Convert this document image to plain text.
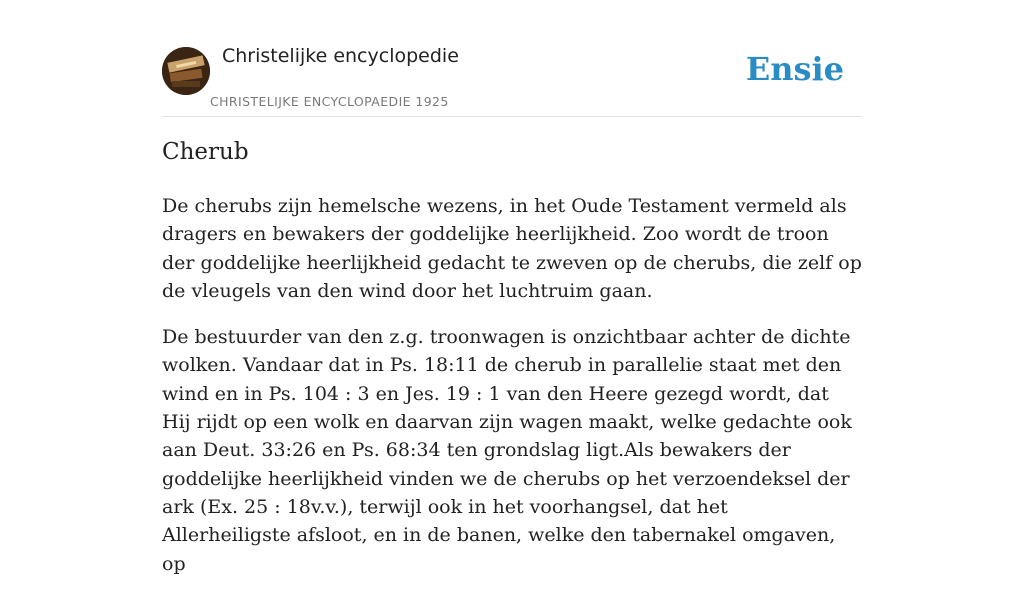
Christelijke encyclopedie
CHRISTELIJKE ENCYCLOPAEDIE 1925
Ensie
Cherub

De cherubs zijn hemelsche wezens, in het Oude Testament vermeld als dragers en bewakers der goddelijke heerlijkheid. Zoo wordt de troon der goddelijke heerlijkheid gedacht te zweven op de cherubs, die zelf op de vleugels van den wind door het luchtruim gaan.

De bestuurder van den z.g. troonwagen is onzichtbaar achter de dichte wolken. Vandaar dat in Ps. 18:11 de cherub in parallelie staat met den wind en in Ps. 104 : 3 en Jes. 19 : 1 van den Heere gezegd wordt, dat Hij rijdt op een wolk en daarvan zijn wagen maakt, welke gedachte ook aan Deut. 33:26 en Ps. 68:34 ten grondslag ligt.Als bewakers der goddelijke heerlijkheid vinden we de cherubs op het verzoendeksel der ark (Ex. 25 : 18v.v.), terwijl ook in het voorhangsel, dat het Allerheiligste afsloot, en in de banen, welke den tabernakel omgaven, op
